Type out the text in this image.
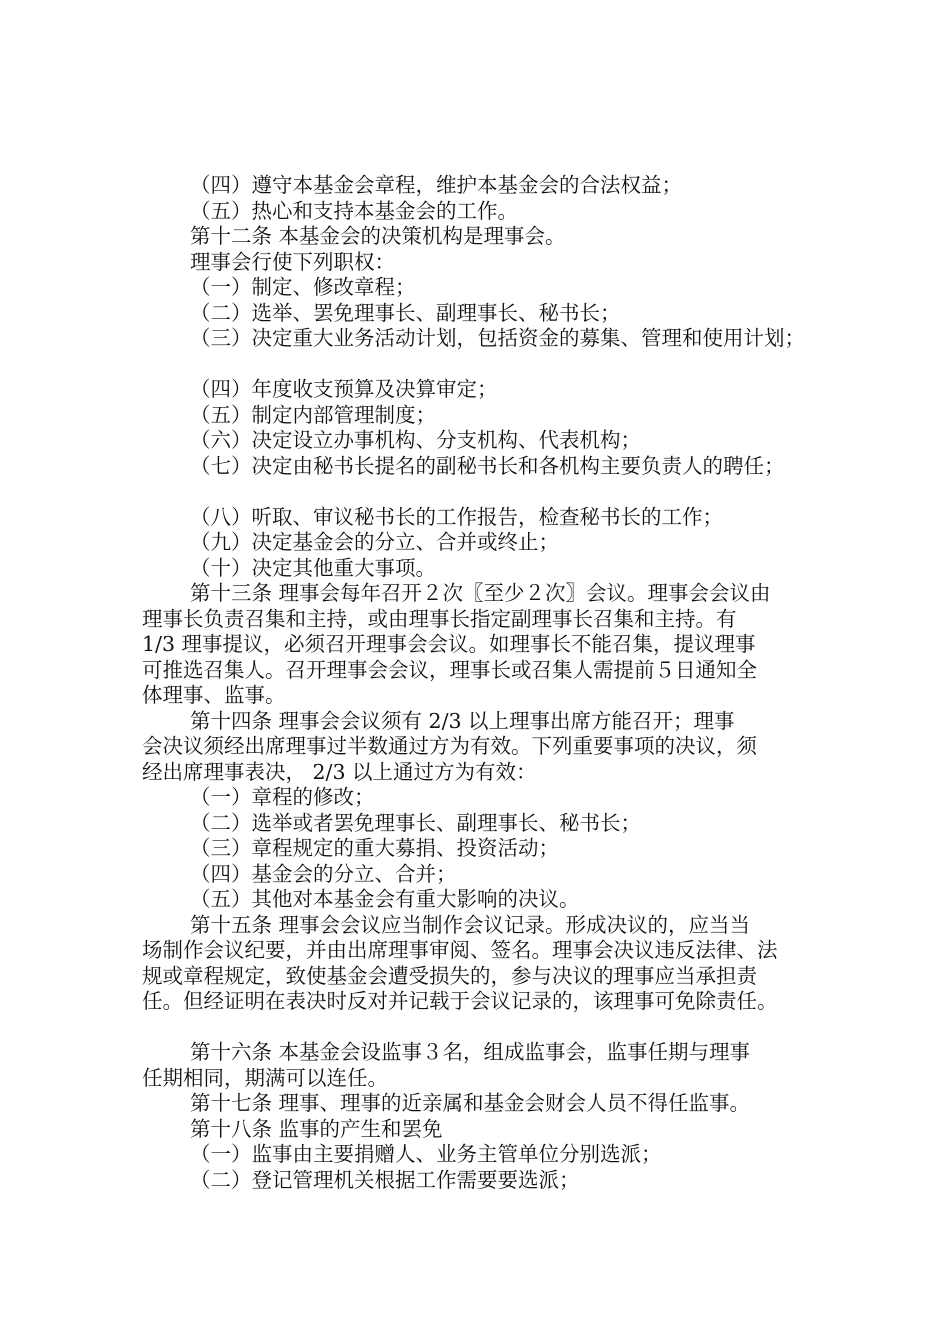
（四）遵守本基金会章程，维护本基金会的合法权益；
（五）热心和支持本基金会的工作。
第十二条 本基金会的决策机构是理事会。
理事会行使下列职权：
（一）制定、修改章程；
（二）选举、罢免理事长、副理事长、秘书长；
（三）决定重大业务活动计划，包括资金的募集、管理和使用计划；
（四）年度收支预算及决算审定；
（五）制定内部管理制度；
（六）决定设立办事机构、分支机构、代表机构；
（七）决定由秘书长提名的副秘书长和各机构主要负责人的聘任；
（八）听取、审议秘书长的工作报告，检查秘书长的工作；
（九）决定基金会的分立、合并或终止；
（十）决定其他重大事项。
第十三条 理事会每年召开２次〖至少２次〗会议。理事会会议由
理事长负责召集和主持，或由理事长指定副理事长召集和主持。有
1/3 理事提议，必须召开理事会会议。如理事长不能召集，提议理事
可推选召集人。召开理事会会议，理事长或召集人需提前５日通知全
体理事、监事。
第十四条 理事会会议须有 2/3 以上理事出席方能召开；理事
会决议须经出席理事过半数通过方为有效。下列重要事项的决议，须
经出席理事表决， 2/3 以上通过方为有效：
（一）章程的修改；
（二）选举或者罢免理事长、副理事长、秘书长；
（三）章程规定的重大募捐、投资活动；
（四）基金会的分立、合并；
（五）其他对本基金会有重大影响的决议。
第十五条 理事会会议应当制作会议记录。形成决议的，应当当
场制作会议纪要，并由出席理事审阅、签名。理事会决议违反法律、法
规或章程规定，致使基金会遭受损失的，参与决议的理事应当承担责
任。但经证明在表决时反对并记载于会议记录的，该理事可免除责任。
第十六条 本基金会设监事３名，组成监事会，监事任期与理事
任期相同，期满可以连任。
第十七条 理事、理事的近亲属和基金会财会人员不得任监事。
第十八条 监事的产生和罢免
（一）监事由主要捐赠人、业务主管单位分别选派；
（二）登记管理机关根据工作需要要选派；
